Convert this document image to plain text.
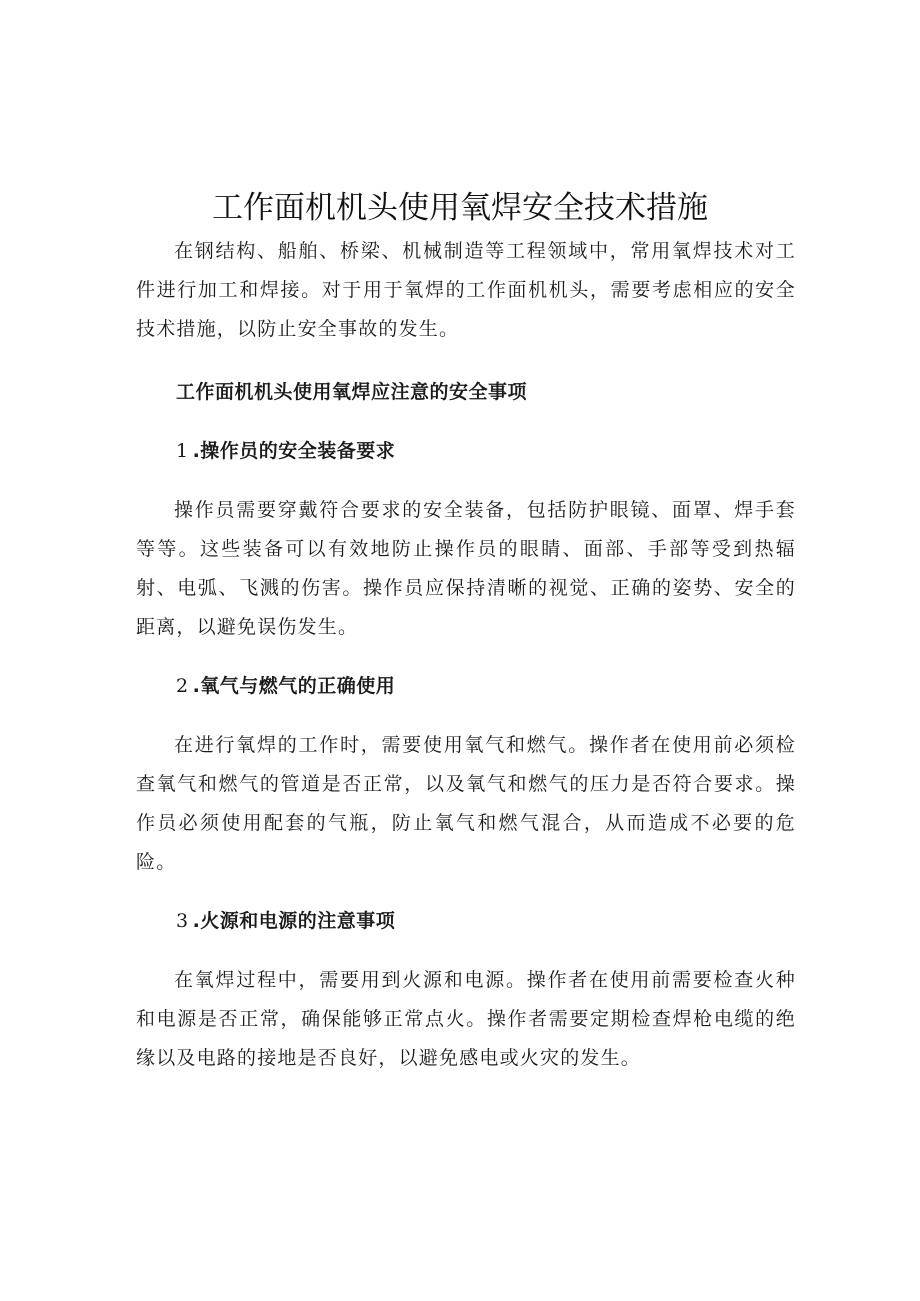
工作面机机头使用氧焊安全技术措施

在钢结构、船舶、桥梁、机械制造等工程领域中，常用氧焊技术对工件进行加工和焊接。对于用于氧焊的工作面机机头，需要考虑相应的安全技术措施，以防止安全事故的发生。

工作面机机头使用氧焊应注意的安全事项

1 .操作员的安全装备要求

操作员需要穿戴符合要求的安全装备，包括防护眼镜、面罩、焊手套等等。这些装备可以有效地防止操作员的眼睛、面部、手部等受到热辐射、电弧、飞溅的伤害。操作员应保持清晰的视觉、正确的姿势、安全的距离，以避免误伤发生。

2 .氧气与燃气的正确使用

在进行氧焊的工作时，需要使用氧气和燃气。操作者在使用前必须检查氧气和燃气的管道是否正常，以及氧气和燃气的压力是否符合要求。操作员必须使用配套的气瓶，防止氧气和燃气混合，从而造成不必要的危险。

3 .火源和电源的注意事项

在氧焊过程中，需要用到火源和电源。操作者在使用前需要检查火种和电源是否正常，确保能够正常点火。操作者需要定期检查焊枪电缆的绝缘以及电路的接地是否良好，以避免感电或火灾的发生。
